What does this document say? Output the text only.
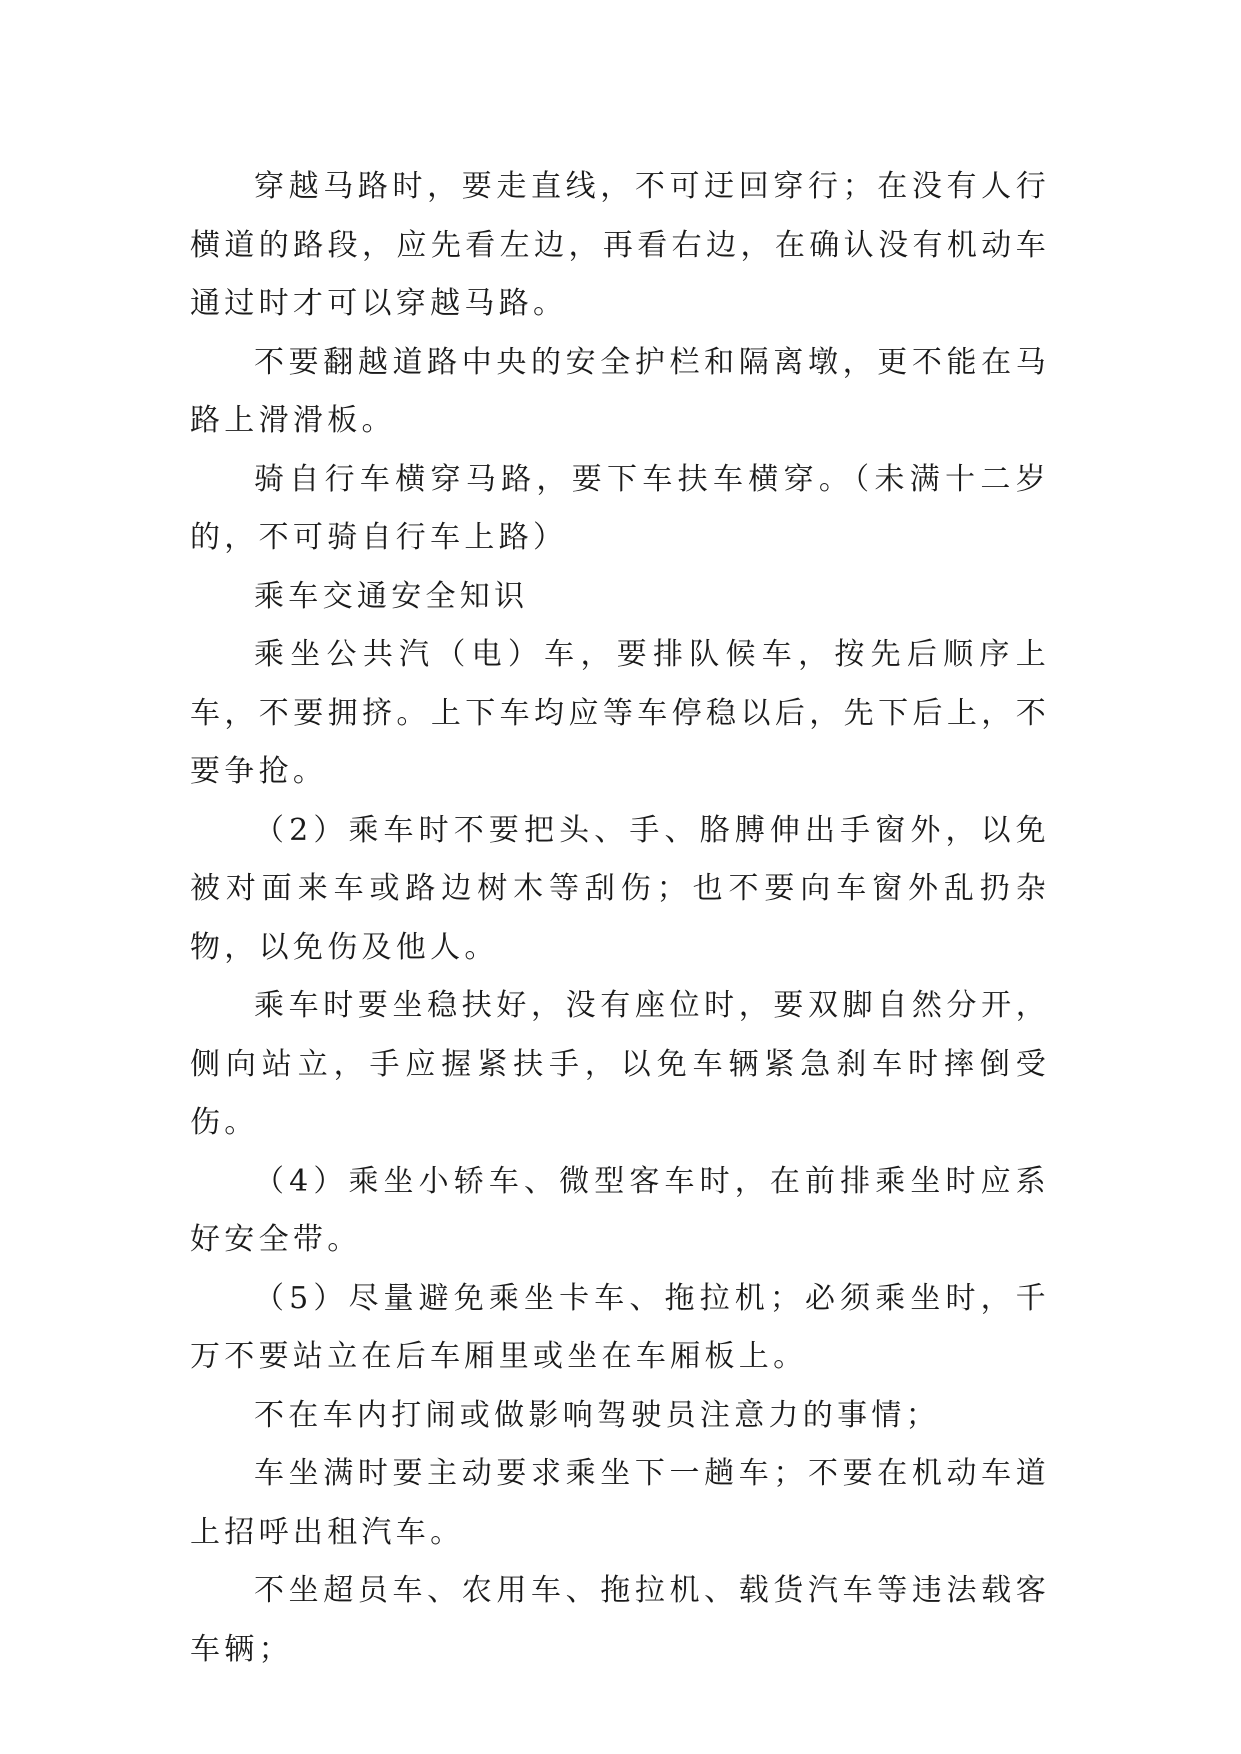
穿越马路时，要走直线，不可迂回穿行；在没有人行横道的路段，应先看左边，再看右边，在确认没有机动车通过时才可以穿越马路。

不要翻越道路中央的安全护栏和隔离墩，更不能在马路上滑滑板。

骑自行车横穿马路，要下车扶车横穿。（未满十二岁的，不可骑自行车上路）

乘车交通安全知识

乘坐公共汽（电）车，要排队候车，按先后顺序上车，不要拥挤。上下车均应等车停稳以后，先下后上，不要争抢。

（2）乘车时不要把头、手、胳膊伸出手窗外，以免被对面来车或路边树木等刮伤；也不要向车窗外乱扔杂物，以免伤及他人。

乘车时要坐稳扶好，没有座位时，要双脚自然分开，侧向站立，手应握紧扶手，以免车辆紧急刹车时摔倒受伤。

（4）乘坐小轿车、微型客车时，在前排乘坐时应系好安全带。

（5）尽量避免乘坐卡车、拖拉机；必须乘坐时，千万不要站立在后车厢里或坐在车厢板上。

不在车内打闹或做影响驾驶员注意力的事情；

车坐满时要主动要求乘坐下一趟车；不要在机动车道上招呼出租汽车。

不坐超员车、农用车、拖拉机、载货汽车等违法载客车辆；
